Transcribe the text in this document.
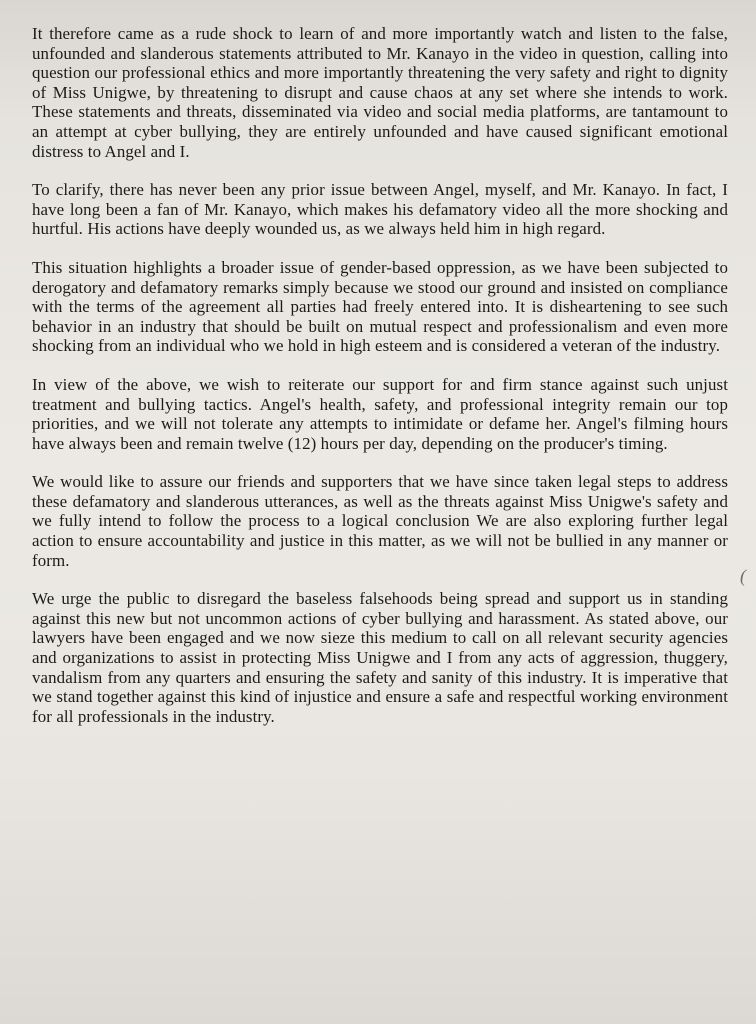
It therefore came as a rude shock to learn of and more importantly watch and listen to the false, unfounded and slanderous statements attributed to Mr. Kanayo in the video in question, calling into question our professional ethics and more importantly threatening the very safety and right to dignity of Miss Unigwe, by threatening to disrupt and cause chaos at any set where she intends to work. These statements and threats, disseminated via video and social media platforms, are tantamount to an attempt at cyber bullying, they are entirely unfounded and have caused significant emotional distress to Angel and I.

To clarify, there has never been any prior issue between Angel, myself, and Mr. Kanayo. In fact, I have long been a fan of Mr. Kanayo, which makes his defamatory video all the more shocking and hurtful. His actions have deeply wounded us, as we always held him in high regard.

This situation highlights a broader issue of gender-based oppression, as we have been subjected to derogatory and defamatory remarks simply because we stood our ground and insisted on compliance with the terms of the agreement all parties had freely entered into. It is disheartening to see such behavior in an industry that should be built on mutual respect and professionalism and even more shocking from an individual who we hold in high esteem and is considered a veteran of the industry.

In view of the above, we wish to reiterate our support for and firm stance against such unjust treatment and bullying tactics. Angel's health, safety, and professional integrity remain our top priorities, and we will not tolerate any attempts to intimidate or defame her. Angel's filming hours have always been and remain twelve (12) hours per day, depending on the producer's timing.

We would like to assure our friends and supporters that we have since taken legal steps to address these defamatory and slanderous utterances, as well as the threats against Miss Unigwe's safety and we fully intend to follow the process to a logical conclusion We are also exploring further legal action to ensure accountability and justice in this matter, as we will not be bullied in any manner or form.

We urge the public to disregard the baseless falsehoods being spread and support us in standing against this new but not uncommon actions of cyber bullying and harassment. As stated above, our lawyers have been engaged and we now sieze this medium to call on all relevant security agencies and organizations to assist in protecting Miss Unigwe and I from any acts of aggression, thuggery, vandalism from any quarters and ensuring the safety and sanity of this industry. It is imperative that we stand together against this kind of injustice and ensure a safe and respectful working environment for all professionals in the industry.

(
